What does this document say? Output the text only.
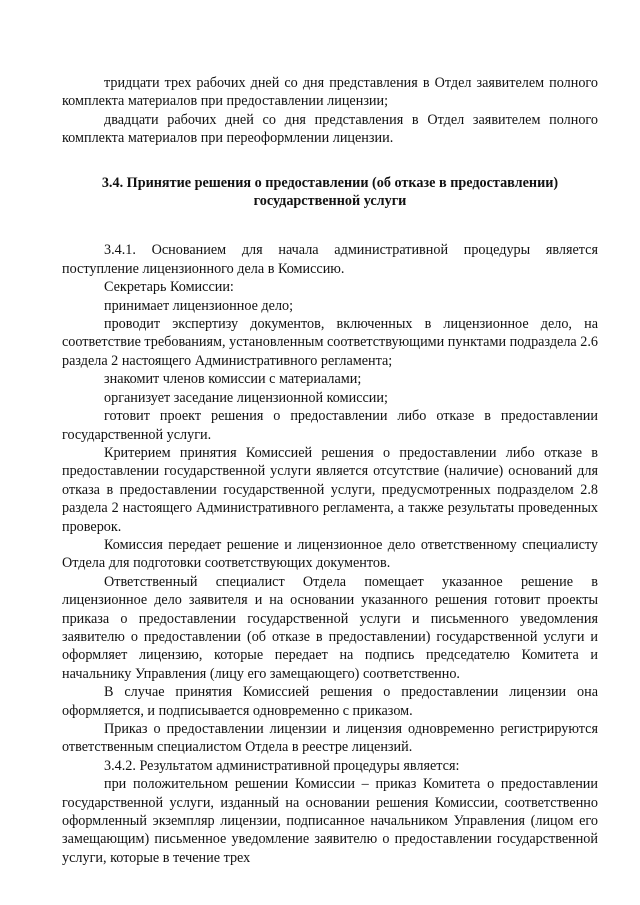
тридцати трех рабочих дней со дня представления в Отдел заявителем полного комплекта материалов при предоставлении лицензии;

двадцати рабочих дней со дня представления в Отдел заявителем полного комплекта материалов при переоформлении лицензии.

3.4. Принятие решения о предоставлении (об отказе в предоставлении) государственной услуги

3.4.1. Основанием для начала административной процедуры является поступление лицензионного дела в Комиссию.

Секретарь Комиссии:

принимает лицензионное дело;

проводит экспертизу документов, включенных в лицензионное дело, на соответствие требованиям, установленным соответствующими пунктами подраздела 2.6 раздела 2 настоящего Административного регламента;

знакомит членов комиссии с материалами;

организует заседание лицензионной комиссии;

готовит проект решения о предоставлении либо отказе в предоставлении государственной услуги.

Критерием принятия Комиссией решения о предоставлении либо отказе в предоставлении государственной услуги является отсутствие (наличие) оснований для отказа в предоставлении государственной услуги, предусмотренных подразделом 2.8 раздела 2 настоящего Административного регламента, а также результаты проведенных проверок.

Комиссия передает решение и лицензионное дело ответственному специалисту Отдела для подготовки соответствующих документов.

Ответственный специалист Отдела помещает указанное решение в лицензионное дело заявителя и на основании указанного решения готовит проекты приказа о предоставлении государственной услуги и письменного уведомления заявителю о предоставлении (об отказе в предоставлении) государственной услуги и оформляет лицензию, которые передает на подпись председателю Комитета и начальнику Управления (лицу его замещающего) соответственно.

В случае принятия Комиссией решения о предоставлении лицензии она оформляется, и подписывается одновременно с приказом.

Приказ о предоставлении лицензии и лицензия одновременно регистрируются ответственным специалистом Отдела в реестре лицензий.

3.4.2. Результатом административной процедуры является:

при положительном решении Комиссии – приказ Комитета о предоставлении государственной услуги, изданный на основании решения Комиссии, соответственно оформленный экземпляр лицензии, подписанное начальником Управления (лицом его замещающим) письменное уведомление заявителю о предоставлении государственной услуги, которые в течение трех
